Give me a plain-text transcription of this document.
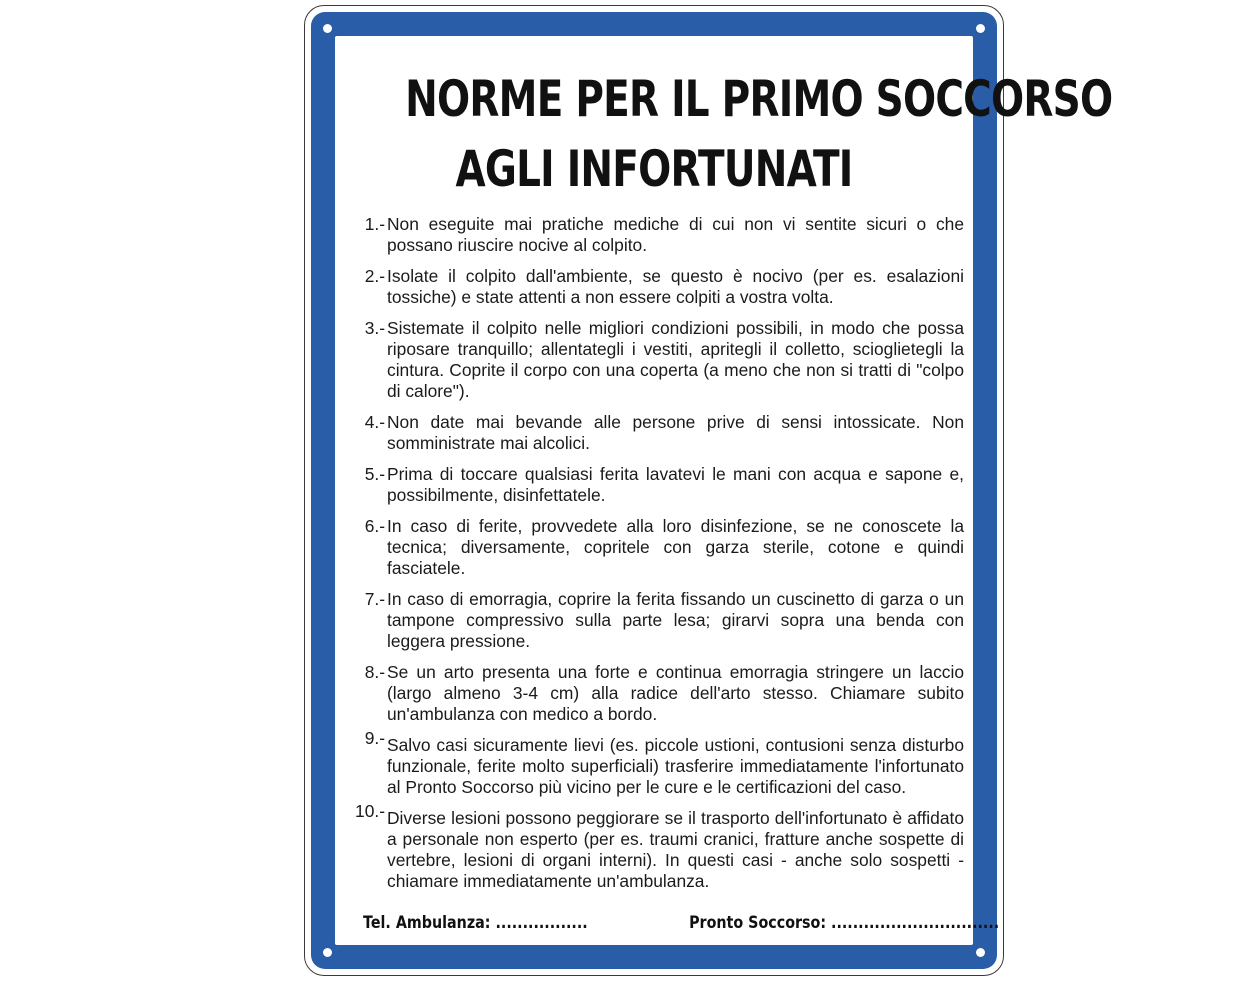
NORME PER IL PRIMO SOCCORSO
AGLI INFORTUNATI
1.- Non eseguite mai pratiche mediche di cui non vi sentite sicuri o che possano riuscire nocive al colpito.
2.- Isolate il colpito dall'ambiente, se questo è nocivo (per es. esalazioni tossiche) e state attenti a non essere colpiti a vostra volta.
3.- Sistemate il colpito nelle migliori condizioni possibili, in modo che possa riposare tranquillo; allentategli i vestiti, apritegli il colletto, scioglietegli la cintura. Coprite il corpo con una coperta (a meno che non si tratti di "colpo di calore").
4.- Non date mai bevande alle persone prive di sensi intossicate. Non somministrate mai alcolici.
5.- Prima di toccare qualsiasi ferita lavatevi le mani con acqua e sapone e, possibilmente, disinfettatele.
6.- In caso di ferite, provvedete alla loro disinfezione, se ne conoscete la tecnica; diversamente, copritele con garza sterile, cotone e quindi fasciatele.
7.- In caso di emorragia, coprire la ferita fissando un cuscinetto di garza o un tampone compressivo sulla parte lesa; girarvi sopra una benda con leggera pressione.
8.- Se un arto presenta una forte e continua emorragia stringere un laccio (largo almeno 3-4 cm) alla radice dell'arto stesso. Chiamare subito un'ambulanza con medico a bordo.
9.- Salvo casi sicuramente lievi (es. piccole ustioni, contusioni senza disturbo funzionale, ferite molto superficiali) trasferire immediatamente l'infortunato al Pronto Soccorso più vicino per le cure e le certificazioni del caso.
10.- Diverse lesioni possono peggiorare se il trasporto dell'infortunato è affidato a personale non esperto (per es. traumi cranici, fratture anche sospette di vertebre, lesioni di organi interni). In questi casi - anche solo sospetti - chiamare immediatamente un'ambulanza.
Tel. Ambulanza: .................	Pronto Soccorso: ...............................
